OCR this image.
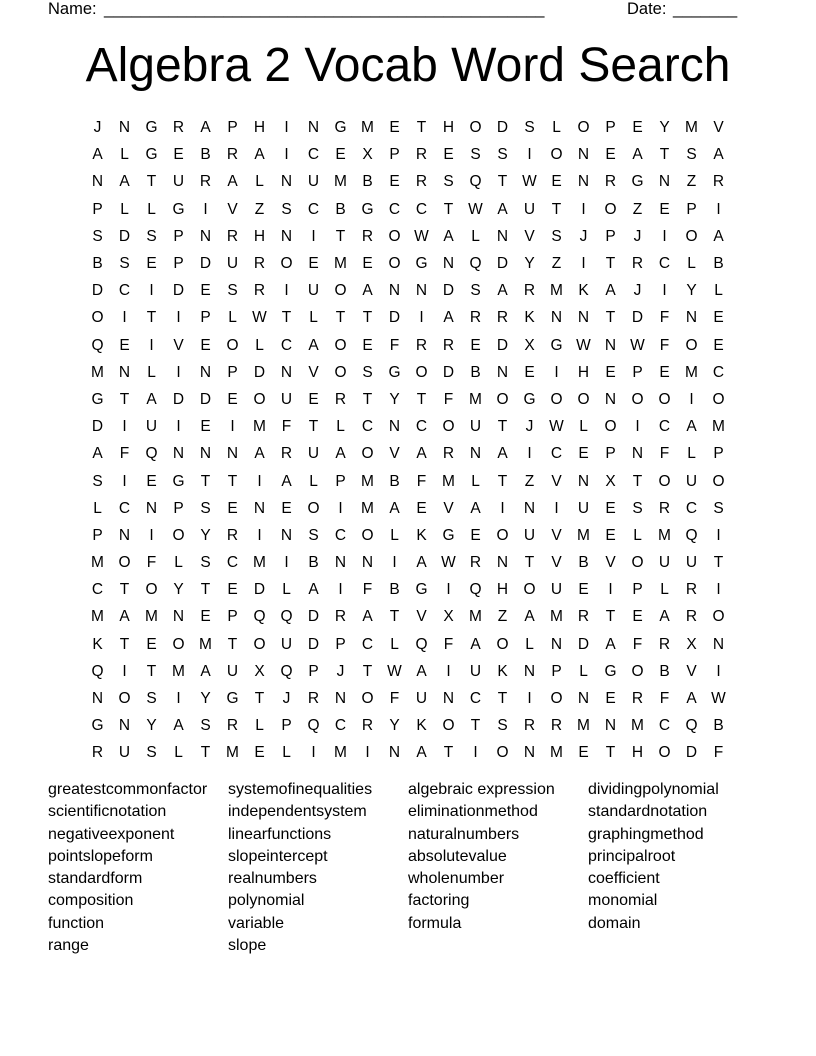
Name: ________________________________________________	Date: _______
Algebra 2 Vocab Word Search
J	N G R	A	P	H	I	N G M E	T	H O D	S	L	O	P	E	Y M V
A	L	G	E	B	R	A	I	C	E	X	P	R	E	S	S	I	O N	E	A	T	S	A
N	A	T	U	R	A	L	N	U M B	E	R	S	Q	T W E	N	R G N	Z	R
P	L	L	G	I	V	Z	S	C	B	G C	C	T W A	U	T	I	O	Z	E	P	I
S	D	S	P	N	R	H	N	I	T	R O W A	L	N	V	S	J	P	J	I	O	A
B	S	E	P	D	U	R O	E M E	O G N Q D	Y	Z	I	T	R	C	L	B
D	C	I	D	E	S	R	I	U O	A	N	N	D	S	A	R M K	A	J	I	Y	L
O	I	T	I	P	L W T	L	T	T	D	I	A	R	R	K	N	N	T	D	F	N	E
Q	E	I	V	E	O	L	C	A	O	E	F	R	R	E	D	X	G W N W F	O	E
M N	L	I	N	P	D	N	V	O	S	G O D	B	N	E	I	H	E	P	E M C
G	T	A	D	D	E	O U	E	R	T	Y	T	F	M O G O O N O O	I	O
D	I	U	I	E	I	M	F	T	L	C	N	C O U	T	J	W L	O	I	C	A M
A	F	Q N	N	N	A	R	U	A	O	V	A	R	N	A	I	C	E	P	N	F	L	P
S	I	E	G	T	T	I	A	L	P M B	F	M	L	T	Z	V	N	X	T	O U O
L	C	N	P	S	E	N	E	O	I	M A	E	V	A	I	N	I	U	E	S	R	C	S
P	N	I	O	Y	R	I	N	S	C O	L	K	G	E	O U	V M E	L	M Q	I
M O	F	L	S	C M	I	B	N	N	I	A W R	N	T	V	B	V	O U	U	T
C	T	O	Y	T	E	D	L	A	I	F	B	G	I	Q H O U	E	I	P	L	R	I
M A M N	E	P	Q Q D	R	A	T	V	X M	Z	A M R	T	E	A	R O
K	T	E	O M	T	O U	D	P	C	L	Q	F	A	O	L	N	D	A	F	R	X	N
Q	I	T	M A	U	X	Q	P	J	T W A	I	U	K	N	P	L	G O	B	V	I
N O	S	I	Y	G	T	J	R	N O	F	U	N	C	T	I	O N	E	R	F	A W
G N	Y	A	S	R	L	P	Q C	R	Y	K	O	T	S	R	R M N M C Q	B
R	U	S	L	T	M E	L	I	M	I	N	A	T	I	O N M E	T	H O D	F
greatestcommonfactor
scientificnotation
negativeexponent
pointslopeform
standardform
composition
function
range
systemofinequalities
independentsystem
linearfunctions
slopeintercept
realnumbers
polynomial
variable
slope
algebraic expression
eliminationmethod
naturalnumbers
absolutevalue
wholenumber
factoring
formula
dividingpolynomial
standardnotation
graphingmethod
principalroot
coefficient
monomial
domain
